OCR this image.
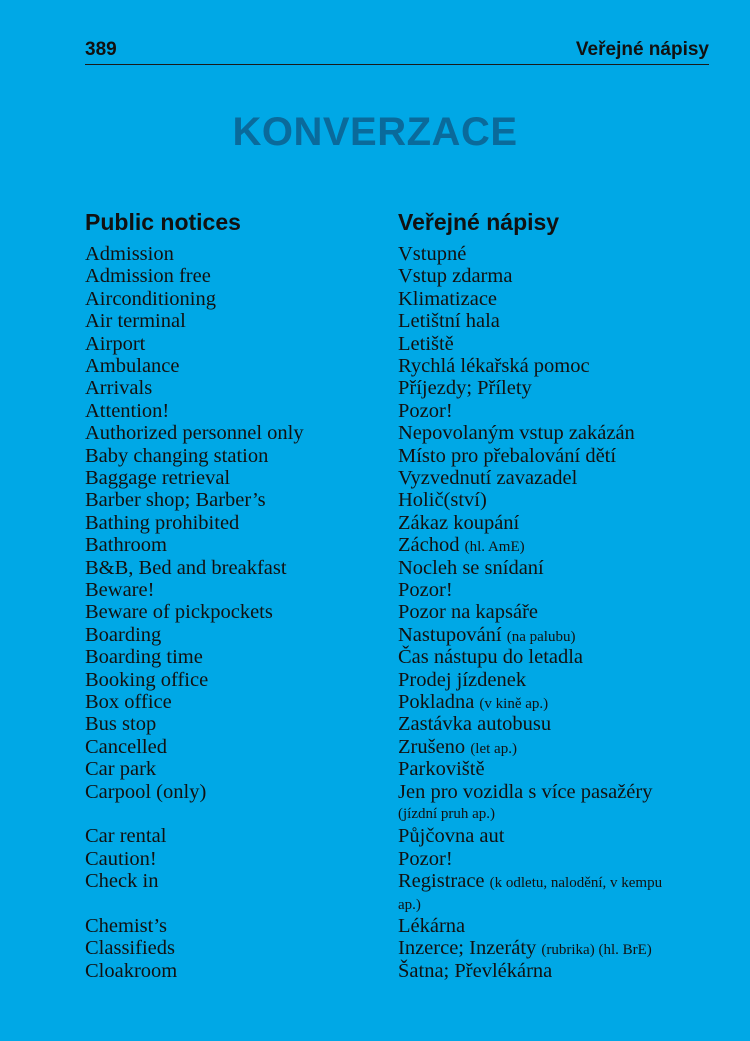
389	Veřejné nápisy
KONVERZACE
Public notices
Admission
Admission free
Airconditioning
Air terminal
Airport
Ambulance
Arrivals
Attention!
Authorized personnel only
Baby changing station
Baggage retrieval
Barber shop; Barber’s
Bathing prohibited
Bathroom
B&B, Bed and breakfast
Beware!
Beware of pickpockets
Boarding
Boarding time
Booking office
Box office
Bus stop
Cancelled
Car park
Carpool (only)
Car rental
Caution!
Check in
Chemist’s
Classifieds
Cloakroom
Veřejné nápisy
Vstupné
Vstup zdarma
Klimatizace
Letištní hala
Letiště
Rychlá lékařská pomoc
Příjezdy; Přílety
Pozor!
Nepovolaným vstup zakázán
Místo pro přebalování dětí
Vyzvednutí zavazadel
Holič(ství)
Zákaz koupání
Záchod (hl. AmE)
Nocleh se snídaní
Pozor!
Pozor na kapsáře
Nastupování (na palubu)
Čas nástupu do letadla
Prodej jízdenek
Pokladna (v kině ap.)
Zastávka autobusu
Zrušeno (let ap.)
Parkoviště
Jen pro vozidla s více pasažéry
(jízdní pruh ap.)
Půjčovna aut
Pozor!
Registrace (k odletu, nalodění, v kempu
ap.)
Lékárna
Inzerce; Inzeráty (rubrika) (hl. BrE)
Šatna; Převlékárna
